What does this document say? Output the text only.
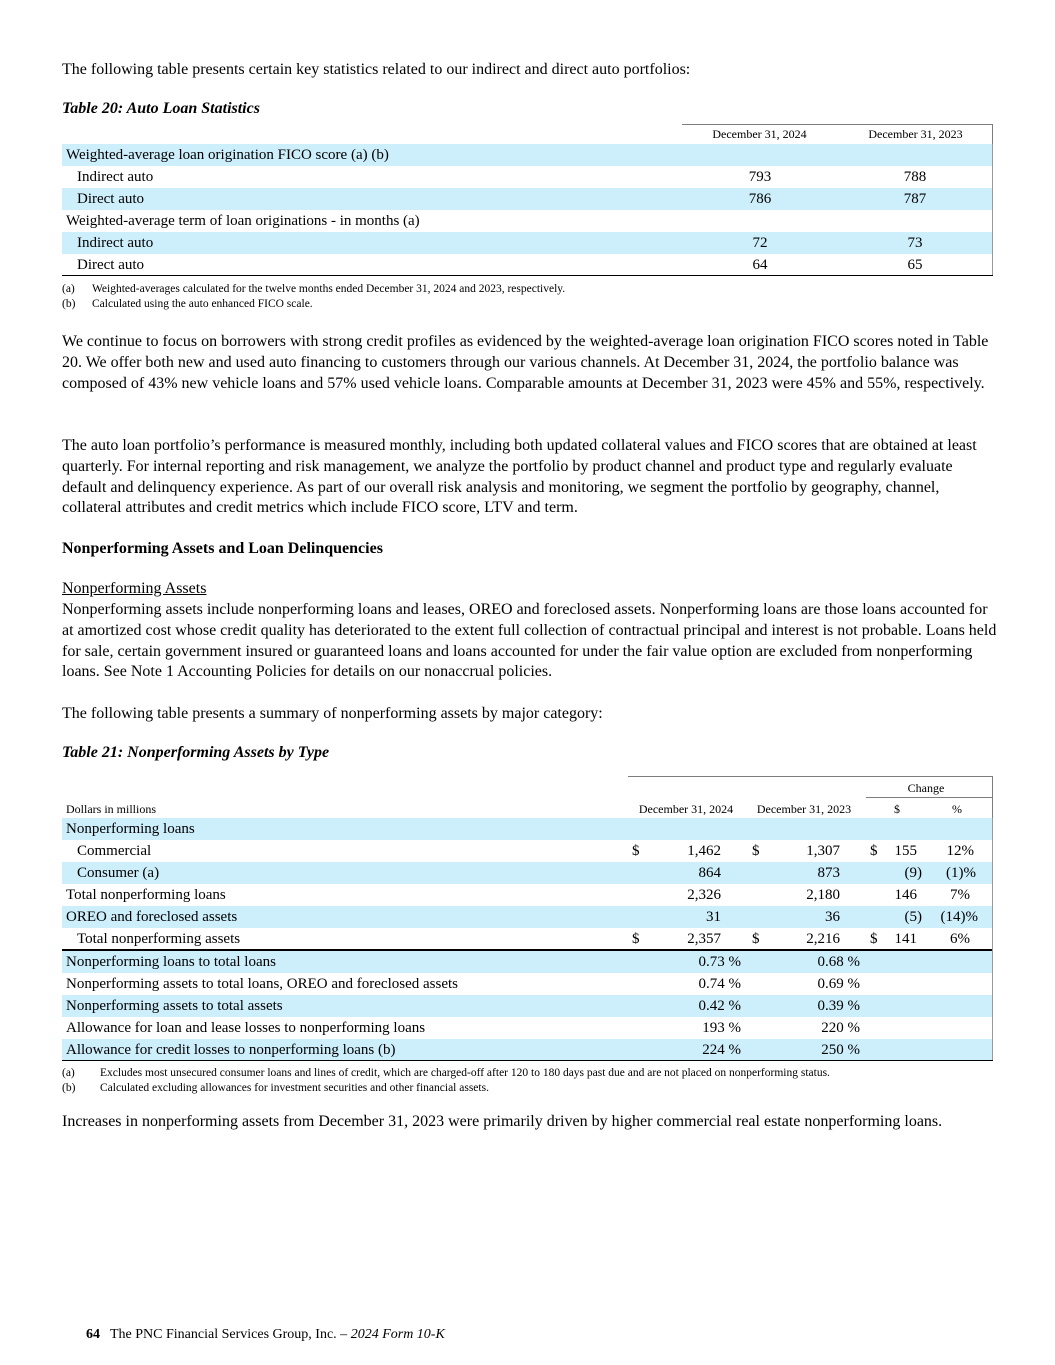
The following table presents certain key statistics related to our indirect and direct auto portfolios:

Table 20: Auto Loan Statistics

December 31, 2024	December 31, 2023
Weighted-average loan origination FICO score (a) (b)
Indirect auto	793	788
Direct auto	786	787
Weighted-average term of loan originations - in months (a)
Indirect auto	72	73
Direct auto	64	65
(a) Weighted-averages calculated for the twelve months ended December 31, 2024 and 2023, respectively.
(b) Calculated using the auto enhanced FICO scale.

We continue to focus on borrowers with strong credit profiles as evidenced by the weighted-average loan origination FICO scores noted in Table 20. We offer both new and used auto financing to customers through our various channels. At December 31, 2024, the portfolio balance was composed of 43% new vehicle loans and 57% used vehicle loans. Comparable amounts at December 31, 2023 were 45% and 55%, respectively.

The auto loan portfolio’s performance is measured monthly, including both updated collateral values and FICO scores that are obtained at least quarterly. For internal reporting and risk management, we analyze the portfolio by product channel and product type and regularly evaluate default and delinquency experience. As part of our overall risk analysis and monitoring, we segment the portfolio by geography, channel, collateral attributes and credit metrics which include FICO score, LTV and term.

Nonperforming Assets and Loan Delinquencies

Nonperforming Assets

Nonperforming assets include nonperforming loans and leases, OREO and foreclosed assets. Nonperforming loans are those loans accounted for at amortized cost whose credit quality has deteriorated to the extent full collection of contractual principal and interest is not probable. Loans held for sale, certain government insured or guaranteed loans and loans accounted for under the fair value option are excluded from nonperforming loans. See Note 1 Accounting Policies for details on our nonaccrual policies.

The following table presents a summary of nonperforming assets by major category:

Table 21: Nonperforming Assets by Type

Change
Dollars in millions	December 31, 2024	December 31, 2023	$	%
Nonperforming loans
Commercial	$	1,462 $	1,307 $	155	12%
Consumer (a)	864	873	(9)	(1)%
Total nonperforming loans	2,326	2,180	146	7%
OREO and foreclosed assets	31	36	(5)	(14)%
Total nonperforming assets	$	2,357 $	2,216 $	141	6%
Nonperforming loans to total loans	0.73 %	0.68 %
Nonperforming assets to total loans, OREO and foreclosed assets	0.74 %	0.69 %
Nonperforming assets to total assets	0.42 %	0.39 %
Allowance for loan and lease losses to nonperforming loans	193 %	220 %
Allowance for credit losses to nonperforming loans (b)	224 %	250 %
(a) Excludes most unsecured consumer loans and lines of credit, which are charged-off after 120 to 180 days past due and are not placed on nonperforming status.
(b) Calculated excluding allowances for investment securities and other financial assets.

Increases in nonperforming assets from December 31, 2023 were primarily driven by higher commercial real estate nonperforming loans.

64 The PNC Financial Services Group, Inc. – 2024 Form 10-K
